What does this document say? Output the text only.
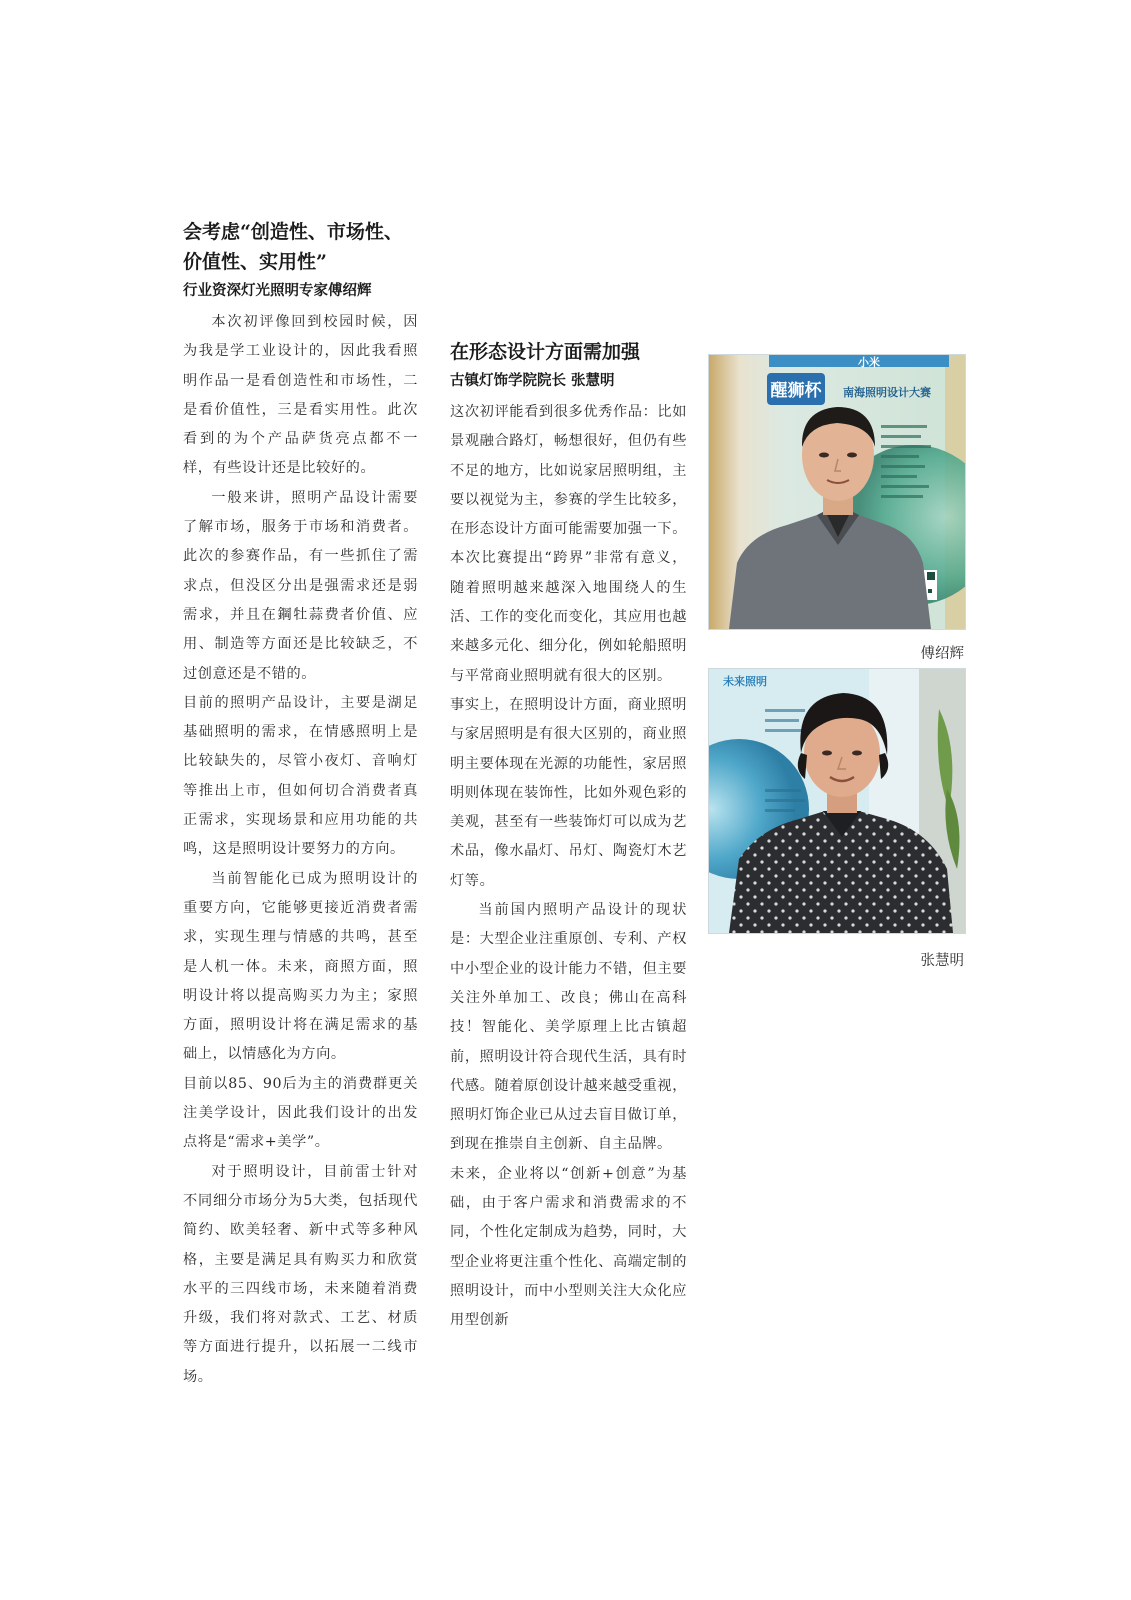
会考虑“创造性、市场性、
价值性、实用性”

行业资深灯光照明专家傅绍辉

本次初评像回到校园时候，因为我是学工业设计的，因此我看照明作品一是看创造性和市场性，二是看价值性，三是看实用性。此次看到的为个产品萨货亮点都不一样，有些设计还是比较好的。

一般来讲，照明产品设计需要了解市场，服务于市场和消费者。此次的参赛作品，有一些抓住了需求点，但没区分出是强需求还是弱需求，并且在鋼牡蒜费者价值、应用、制造等方面还是比较缺乏，不过创意还是不错的。

目前的照明产品设计，主要是湖足基础照明的需求，在情感照明上是比较缺失的，尽管小夜灯、音响灯等推出上市，但如何切合消费者真正需求，实现场景和应用功能的共鸣，这是照明设计要努力的方向。

当前智能化已成为照明设计的重要方向，它能够更接近消费者需求，实现生理与情感的共鸣，甚至是人机一体。未来，商照方面，照明设计将以提高购买力为主；家照方面，照明设计将在满足需求的基础上，以情感化为方向。

目前以85、90后为主的消费群更关注美学设计，因此我们设计的出发点将是“需求+美学”。

对于照明设计，目前雷士针对不同细分市场分为5大类，包括现代简约、欧美轻奢、新中式等多种风格，主要是满足具有购买力和欣赏水平的三四线市场，未来随着消费升级，我们将对款式、工艺、材质等方面进行提升，以拓展一二线市场。

在形态设计方面需加强

古镇灯饰学院院长 张慧明

这次初评能看到很多优秀作品：比如景观融合路灯，畅想很好，但仍有些不足的地方，比如说家居照明组，主要以视觉为主，参赛的学生比较多，在形态设计方面可能需要加强一下。本次比赛提出“跨界”非常有意义，随着照明越来越深入地围绕人的生活、工作的变化而变化，其应用也越来越多元化、细分化，例如轮船照明与平常商业照明就有很大的区别。

事实上，在照明设计方面，商业照明与家居照明是有很大区别的，商业照明主要体现在光源的功能性，家居照明则体现在装饰性，比如外观色彩的美观，甚至有一些装饰灯可以成为艺术品，像水晶灯、吊灯、陶瓷灯木艺灯等。

当前国内照明产品设计的现状是：大型企业注重原创、专利、产权中小型企业的设计能力不错，但主要关注外单加工、改良；佛山在高科技！智能化、美学原理上比古镇超前，照明设计符合现代生活，具有时代感。随着原创设计越来越受重视，照明灯饰企业已从过去盲目做订单，到现在推崇自主创新、自主品牌。

未来，企业将以“创新+创意”为基础，由于客户需求和消费需求的不同，个性化定制成为趋势，同时，大型企业将更注重个性化、高端定制的照明设计，而中小型则关注大众化应用型创新

醒狮杯 南海照明设计大赛
小米
傅绍辉
未来照明
张慧明
